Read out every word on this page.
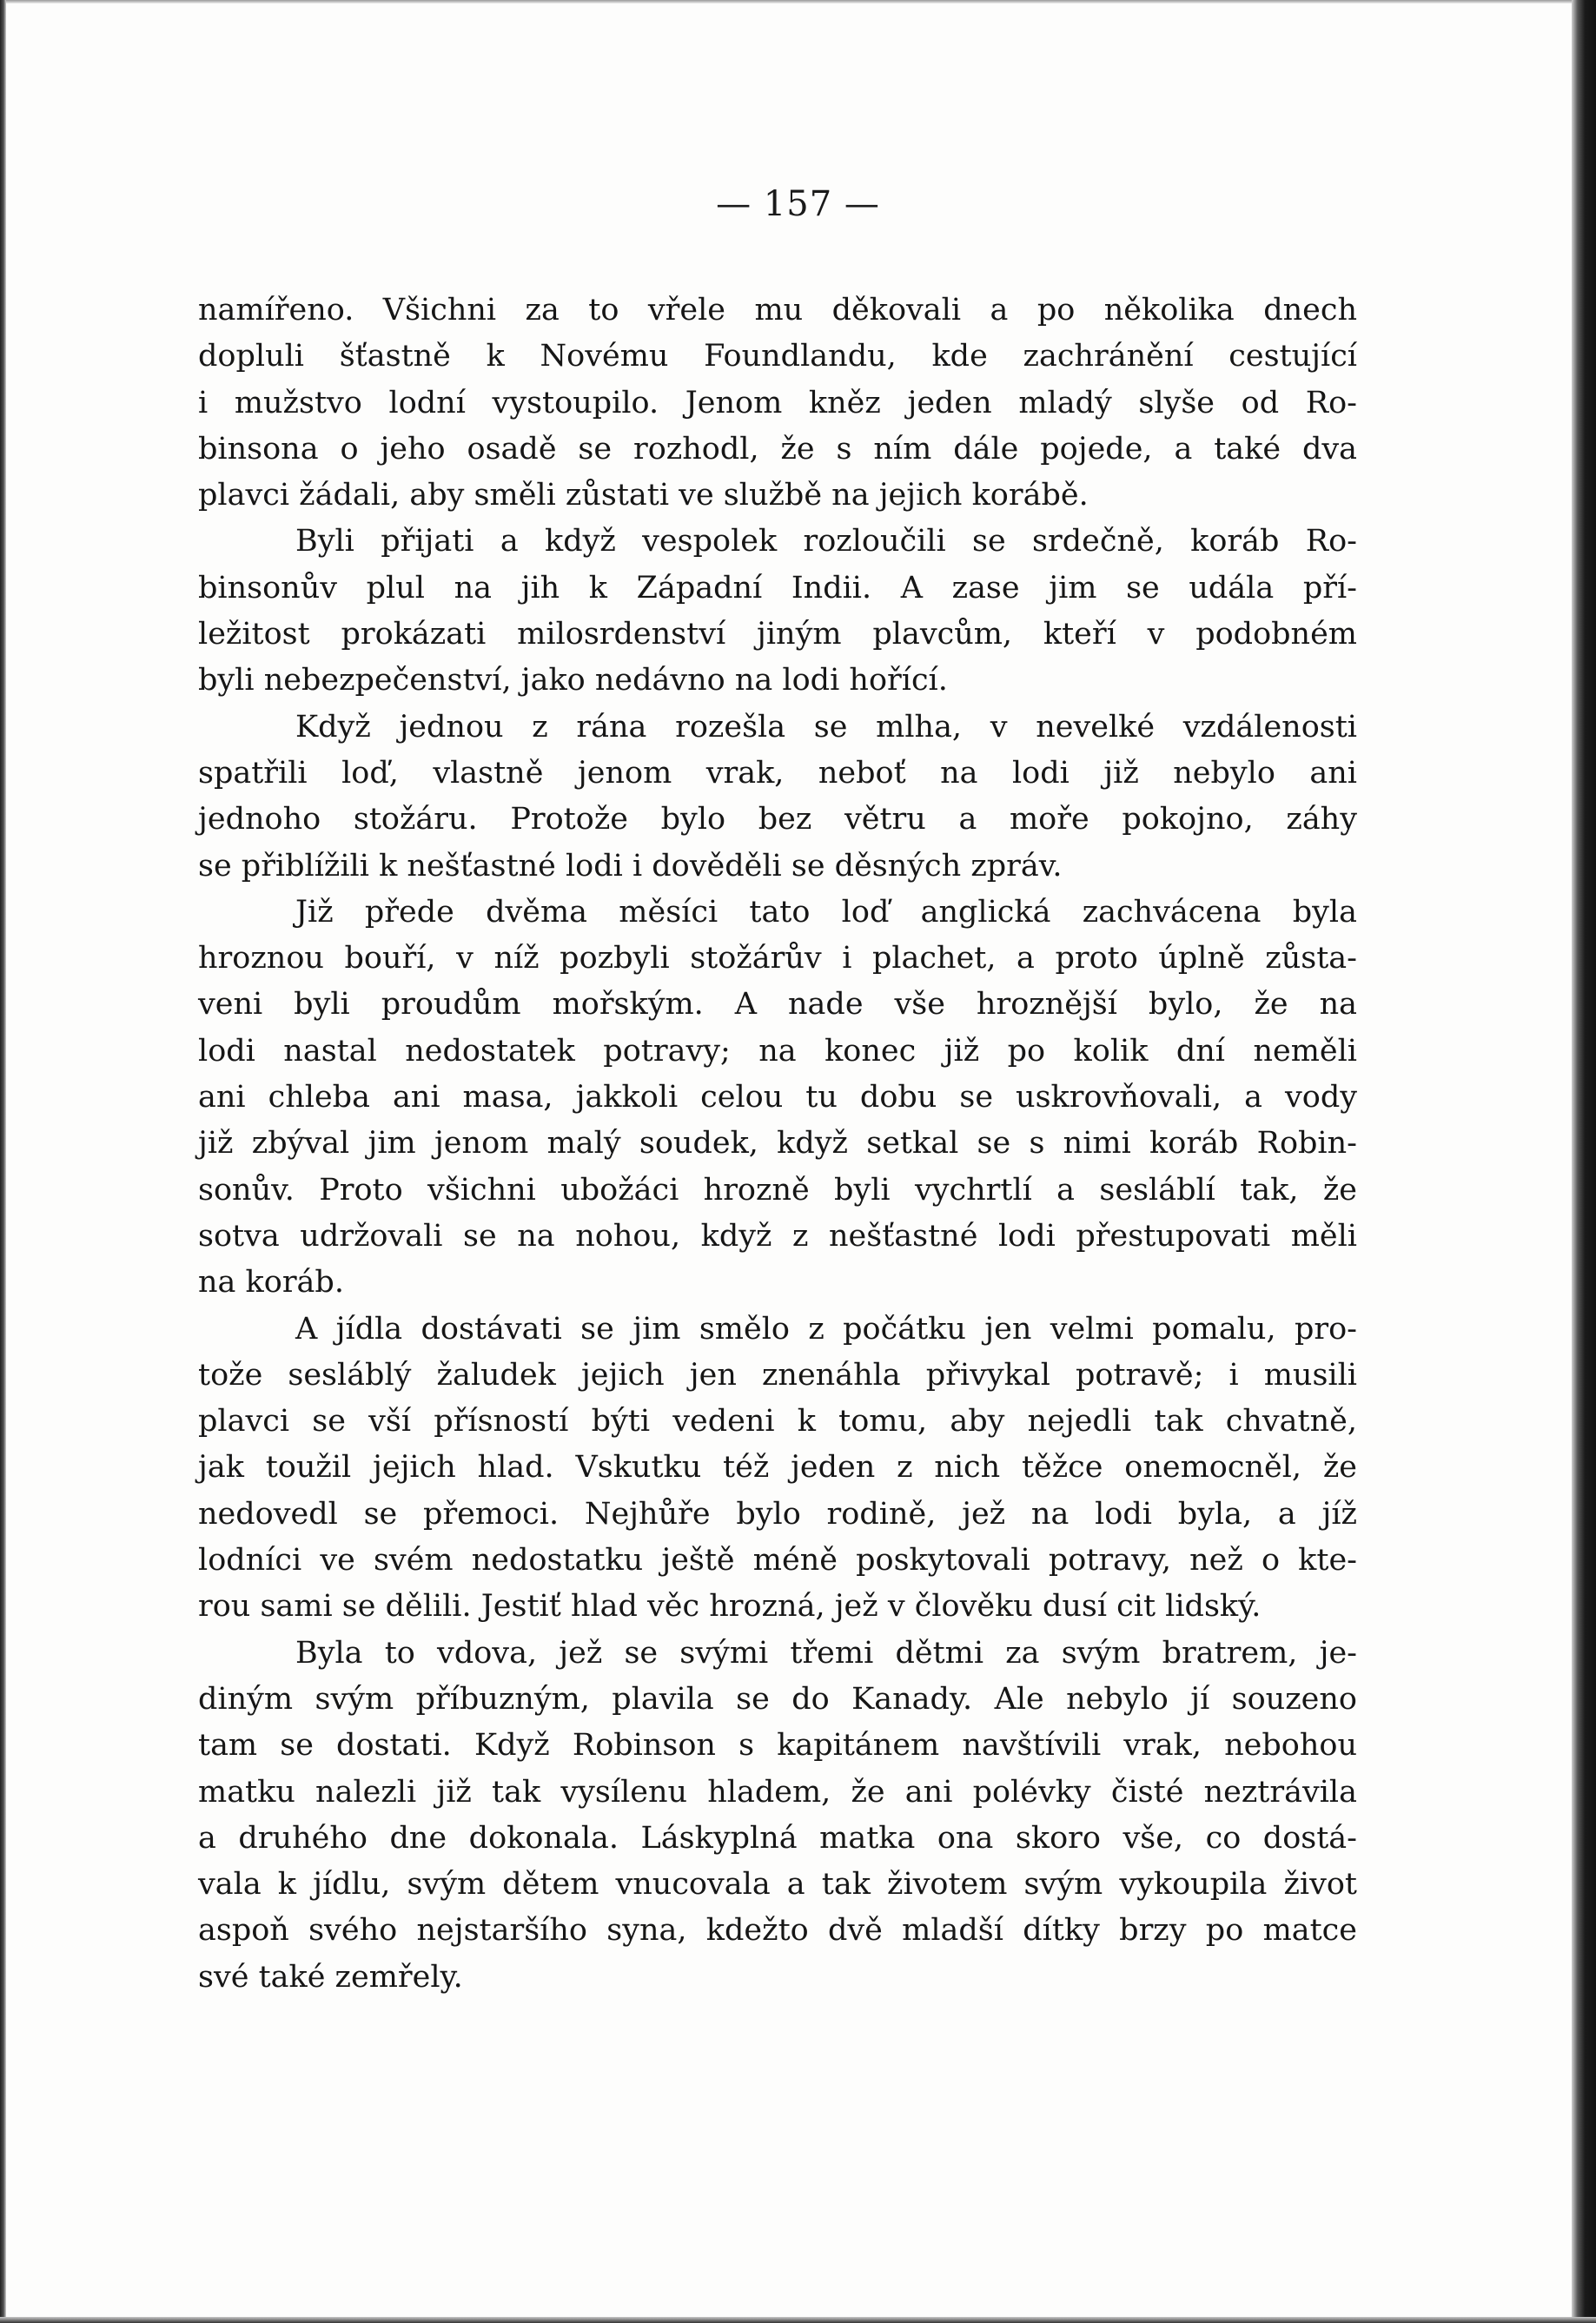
— 157 —
namířeno. Všichni za to vřele mu děkovali a po několika dnech
dopluli šťastně k Novému Foundlandu, kde zachránění cestující
i mužstvo lodní vystoupilo. Jenom kněz jeden mladý slyše od Ro-
binsona o jeho osadě se rozhodl, že s ním dále pojede, a také dva
plavci žádali, aby směli zůstati ve službě na jejich korábě.
Byli přijati a když vespolek rozloučili se srdečně, koráb Ro-
binsonův plul na jih k Západní Indii. A zase jim se udála pří-
ležitost prokázati milosrdenství jiným plavcům, kteří v podobném
byli nebezpečenství, jako nedávno na lodi hořící.
Když jednou z rána rozešla se mlha, v nevelké vzdálenosti
spatřili loď, vlastně jenom vrak, neboť na lodi již nebylo ani
jednoho stožáru. Protože bylo bez větru a moře pokojno, záhy
se přiblížili k nešťastné lodi i dověděli se děsných zpráv.
Již přede dvěma měsíci tato loď anglická zachvácena byla
hroznou bouří, v níž pozbyli stožárův i plachet, a proto úplně zůsta-
veni byli proudům mořským. A nade vše hroznější bylo, že na
lodi nastal nedostatek potravy; na konec již po kolik dní neměli
ani chleba ani masa, jakkoli celou tu dobu se uskrovňovali, a vody
již zbýval jim jenom malý soudek, když setkal se s nimi koráb Robin-
sonův. Proto všichni ubožáci hrozně byli vychrtlí a sesláblí tak, že
sotva udržovali se na nohou, když z nešťastné lodi přestupovati měli
na koráb.
A jídla dostávati se jim smělo z počátku jen velmi pomalu, pro-
tože sesláblý žaludek jejich jen znenáhla přivykal potravě; i musili
plavci se vší přísností býti vedeni k tomu, aby nejedli tak chvatně,
jak toužil jejich hlad. Vskutku též jeden z nich těžce onemocněl, že
nedovedl se přemoci. Nejhůře bylo rodině, jež na lodi byla, a jíž
lodníci ve svém nedostatku ještě méně poskytovali potravy, než o kte-
rou sami se dělili. Jestiť hlad věc hrozná, jež v člověku dusí cit lidský.
Byla to vdova, jež se svými třemi dětmi za svým bratrem, je-
diným svým příbuzným, plavila se do Kanady. Ale nebylo jí souzeno
tam se dostati. Když Robinson s kapitánem navštívili vrak, nebohou
matku nalezli již tak vysílenu hladem, že ani polévky čisté neztrávila
a druhého dne dokonala. Láskyplná matka ona skoro vše, co dostá-
vala k jídlu, svým dětem vnucovala a tak životem svým vykoupila život
aspoň svého nejstaršího syna, kdežto dvě mladší dítky brzy po matce
své také zemřely.
